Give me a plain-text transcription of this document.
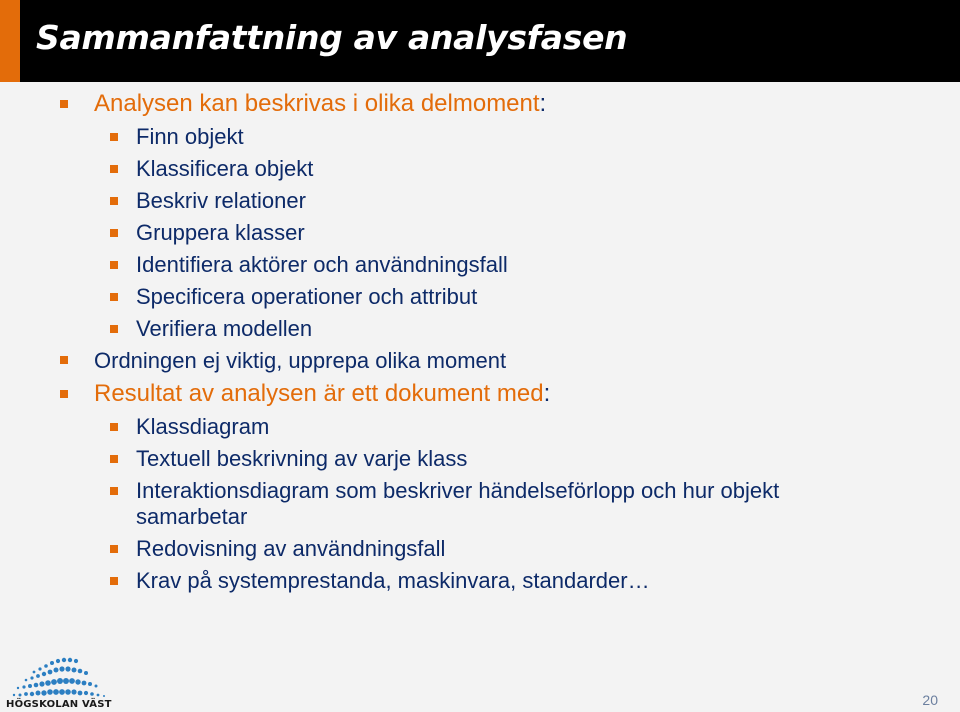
Sammanfattning av analysfasen
Analysen kan beskrivas i olika delmoment:
Finn objekt
Klassificera objekt
Beskriv relationer
Gruppera klasser
Identifiera aktörer och användningsfall
Specificera operationer och attribut
Verifiera modellen
Ordningen ej viktig, upprepa olika moment
Resultat av analysen är ett dokument med:
Klassdiagram
Textuell beskrivning av varje klass
Interaktionsdiagram som beskriver händelseförlopp och hur objekt
samarbetar
Redovisning av användningsfall
Krav på systemprestanda, maskinvara, standarder…
HÖGSKOLAN VÄST	20
